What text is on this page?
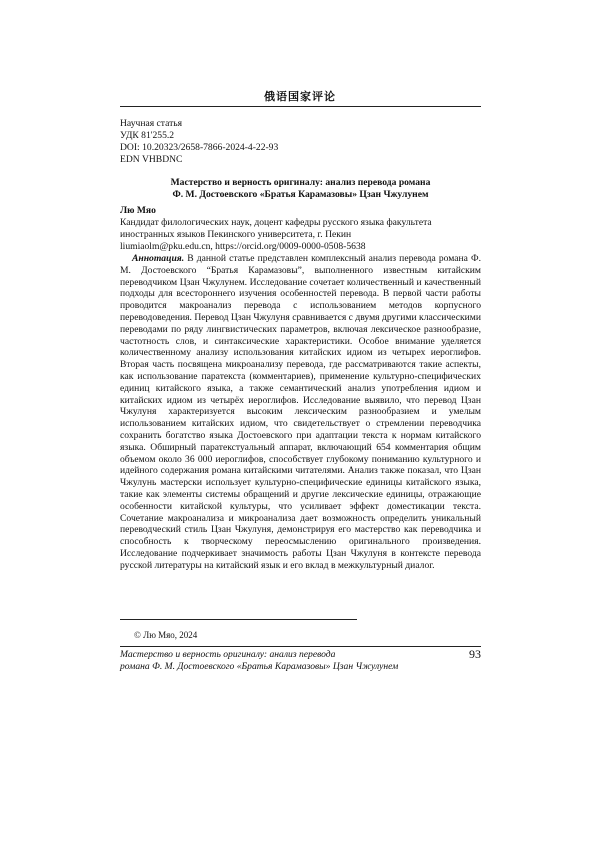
俄语国家评论
Научная статья
УДК 81'255.2
DOI: 10.20323/2658-7866-2024-4-22-93
EDN VHBDNC
Мастерство и верность оригиналу: анализ перевода романа
Ф. М. Достоевского «Братья Карамазовы» Цзан Чжулунем
Лю Мяо
Кандидат филологических наук, доцент кафедры русского языка факультета иностранных языков Пекинского университета, г. Пекин
liumiaolm@pku.edu.cn, https://orcid.org/0009-0000-0508-5638
Аннотация. В данной статье представлен комплексный анализ перевода романа Ф. М. Достоевского “Братья Карамазовы”, выполненного известным китайским переводчиком Цзан Чжулунем. Исследование сочетает количественный и качественный подходы для всестороннего изучения особенностей перевода. В первой части работы проводится макроанализ перевода с использованием методов корпусного переводоведения. Перевод Цзан Чжулуня сравнивается с двумя другими классическими переводами по ряду лингвистических параметров, включая лексическое разнообразие, частотность слов, и синтаксические характеристики. Особое внимание уделяется количественному анализу использования китайских идиом из четырех иероглифов. Вторая часть посвящена микроанализу перевода, где рассматриваются такие аспекты, как использование паратекста (комментариев), применение культурно-специфических единиц китайского языка, а также семантический анализ употребления идиом и китайских идиом из четырёх иероглифов. Исследование выявило, что перевод Цзан Чжулуня характеризуется высоким лексическим разнообразием и умелым использованием китайских идиом, что свидетельствует о стремлении переводчика сохранить богатство языка Достоевского при адаптации текста к нормам китайского языка. Обширный паратекстуальный аппарат, включающий 654 комментария общим объемом около 36 000 иероглифов, способствует глубокому пониманию культурного и идейного содержания романа китайскими читателями. Анализ также показал, что Цзан Чжулунь мастерски использует культурно-специфические единицы китайского языка, такие как элементы системы обращений и другие лексические единицы, отражающие особенности китайской культуры, что усиливает эффект доместикации текста. Сочетание макроанализа и микроанализа дает возможность определить уникальный переводческий стиль Цзан Чжулуня, демонстрируя его мастерство как переводчика и способность к творческому переосмыслению оригинального произведения. Исследование подчеркивает значимость работы Цзан Чжулуня в контексте перевода русской литературы на китайский язык и его вклад в межкультурный диалог.
© Лю Мяо, 2024
Мастерство и верность оригиналу: анализ перевода
романа Ф. М. Достоевского «Братья Карамазовы» Цзан Чжулунем
93
